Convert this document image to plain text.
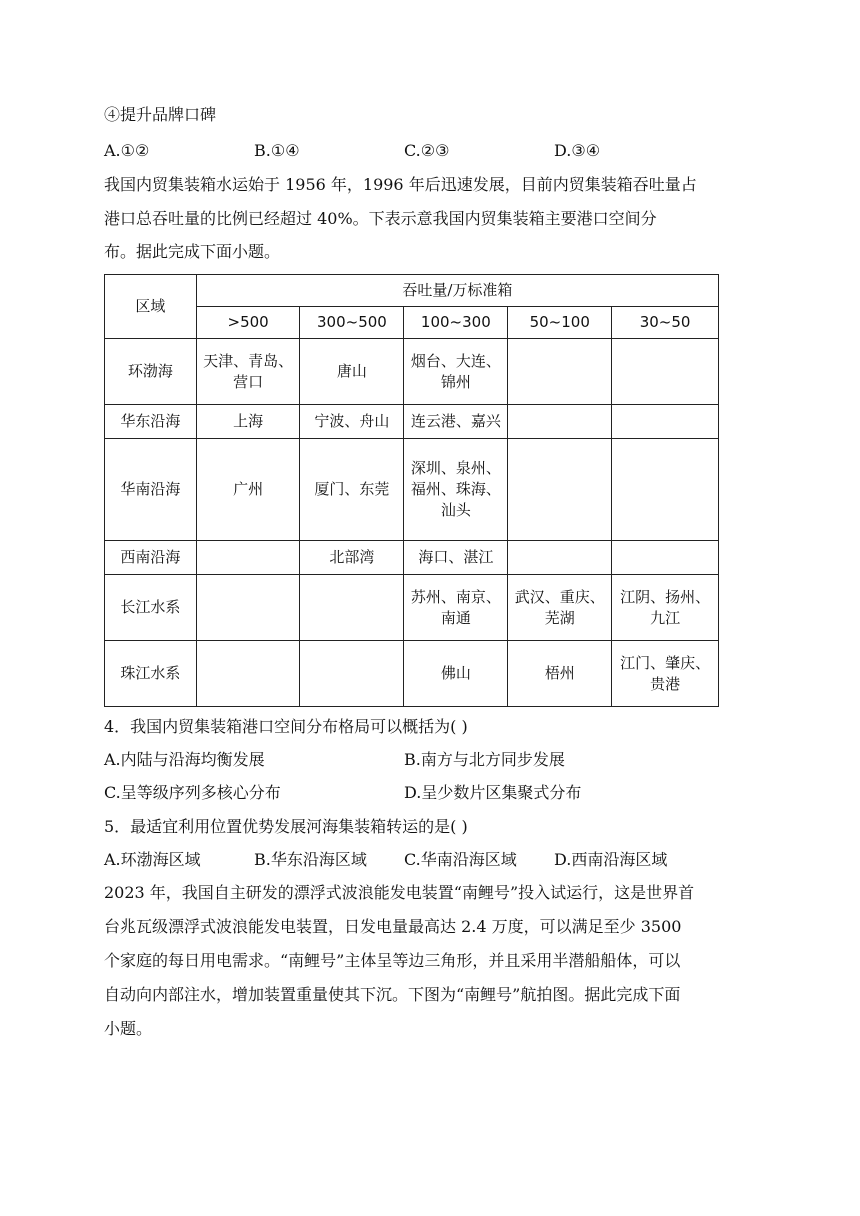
④提升品牌口碑
A.①②	B.①④	C.②③	D.③④
我国内贸集装箱水运始于 1956 年，1996 年后迅速发展，目前内贸集装箱吞吐量占
港口总吞吐量的比例已经超过 40%。下表示意我国内贸集装箱主要港口空间分
布。据此完成下面小题。
区域	吞吐量/万标准箱				
	>500	300~500	100~300	50~100	30~50
环渤海	天津、青岛、营口	唐山	烟台、大连、锦州		
华东沿海	上海	宁波、舟山	连云港、嘉兴		
华南沿海	广州	厦门、东莞	深圳、泉州、福州、珠海、汕头		
西南沿海		北部湾	海口、湛江		
长江水系			苏州、南京、南通	武汉、重庆、芜湖	江阴、扬州、九江
珠江水系			佛山	梧州	江门、肇庆、贵港
4．我国内贸集装箱港口空间分布格局可以概括为( )
A.内陆与沿海均衡发展	B.南方与北方同步发展
C.呈等级序列多核心分布	D.呈少数片区集聚式分布
5．最适宜利用位置优势发展河海集装箱转运的是( )
A.环渤海区域	B.华东沿海区域 C.华南沿海区域 D.西南沿海区域
2023 年，我国自主研发的漂浮式波浪能发电装置“南鲤号”投入试运行，这是世界首
台兆瓦级漂浮式波浪能发电装置，日发电量最高达 2.4 万度，可以满足至少 3500
个家庭的每日用电需求。“南鲤号”主体呈等边三角形，并且采用半潜船船体，可以
自动向内部注水，增加装置重量使其下沉。下图为“南鲤号”航拍图。据此完成下面
小题。
